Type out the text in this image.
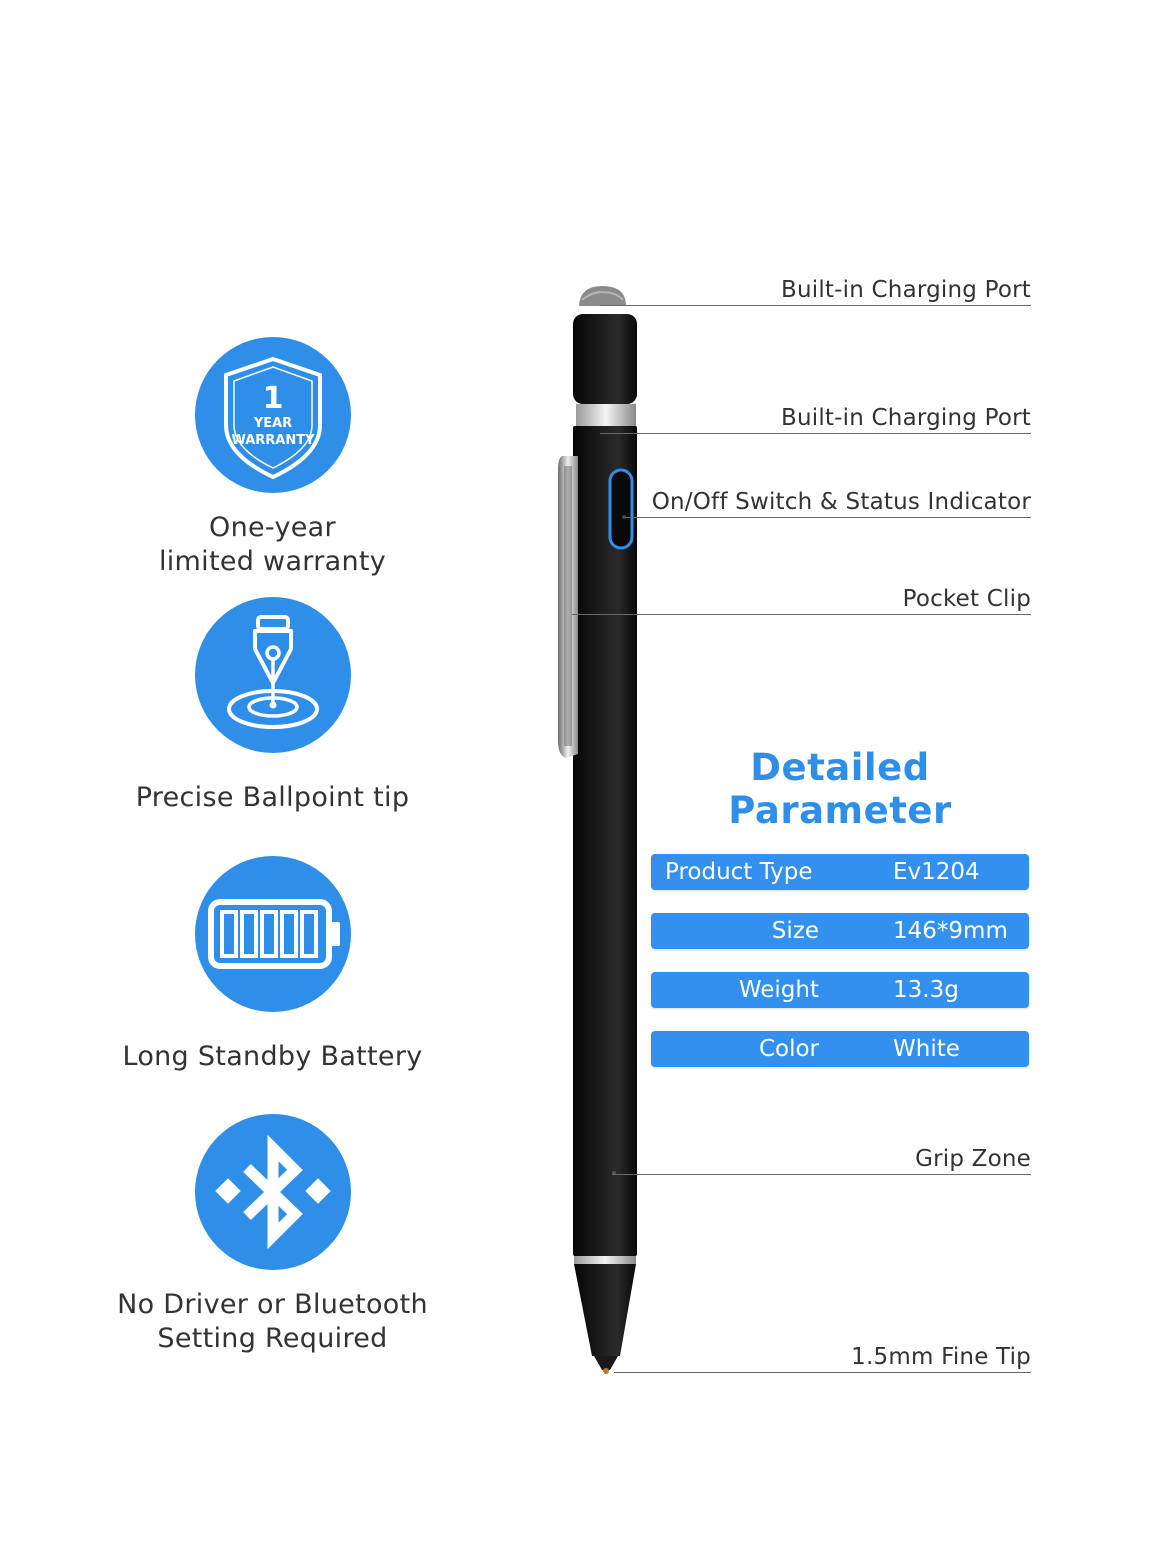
1
YEAR
WARRANTY
One-year
limited warranty
Precise Ballpoint tip
Long Standby Battery
No Driver or Bluetooth
Setting Required
Built-in Charging Port
Built-in Charging Port
On/Off Switch & Status Indicator
Pocket Clip
Grip Zone
1.5mm Fine Tip
Detailed Parameter
Product Type	Ev1204
Size	146*9mm
Weight	13.3g
Color	White
